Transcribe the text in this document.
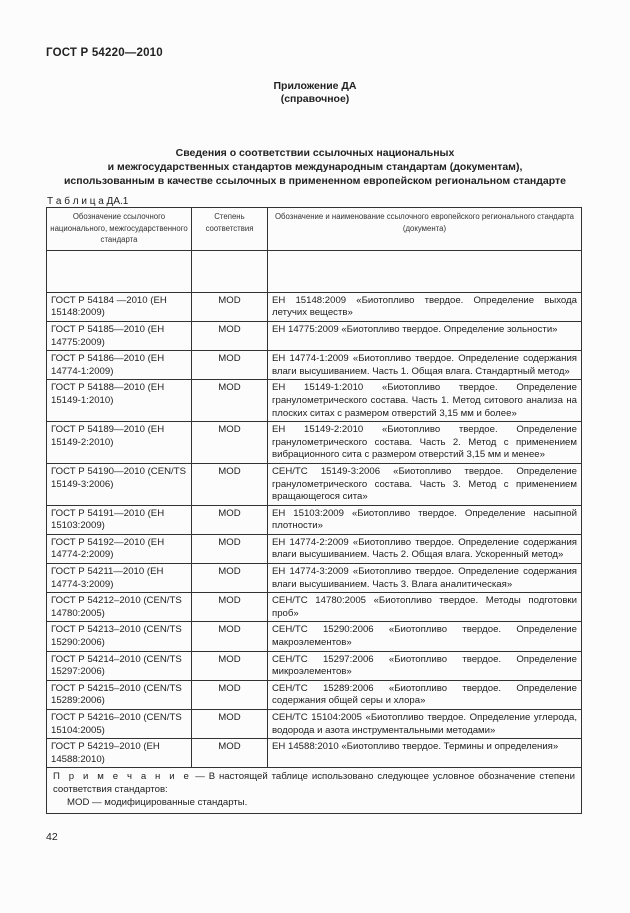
ГОСТ Р 54220—2010
Приложение ДА
(справочное)
Сведения о соответствии ссылочных национальных
и межгосударственных стандартов международным стандартам (документам),
использованным в качестве ссылочных в примененном европейском региональном стандарте
Т а б л и ц а ДА.1
Обозначение ссылочного национального, межгосударственного стандарта	Степень соответствия	Обозначение и наименование ссылочного европейского регионального стандарта (документа)

ГОСТ Р 54184 —2010 (ЕН 15148:2009)	MOD	ЕН 15148:2009 «Биотопливо твердое. Определение выхода летучих веществ»
ГОСТ Р 54185—2010 (ЕН 14775:2009)	MOD	ЕН 14775:2009 «Биотопливо твердое. Определение зольности»
ГОСТ Р 54186—2010 (ЕН 14774-1:2009)	MOD	ЕН 14774-1:2009 «Биотопливо твердое. Определение содержания влаги высушиванием. Часть 1. Общая влага. Стандартный метод»
ГОСТ Р 54188—2010 (ЕН 15149-1:2010)	MOD	ЕН 15149-1:2010 «Биотопливо твердое. Определение гранулометрического состава. Часть 1. Метод ситового анализа на плоских ситах с размером отверстий 3,15 мм и более»
ГОСТ Р 54189—2010 (ЕН 15149-2:2010)	MOD	ЕН 15149-2:2010 «Биотопливо твердое. Определение гранулометрического состава. Часть 2. Метод с применением вибрационного сита с размером отверстий 3,15 мм и менее»
ГОСТ Р 54190—2010 (CEN/TS 15149-3:2006)	MOD	СЕН/ТС 15149-3:2006 «Биотопливо твердое. Определение гранулометрического состава. Часть 3. Метод с применением вращающегося сита»
ГОСТ Р 54191—2010 (ЕН 15103:2009)	MOD	ЕН 15103:2009 «Биотопливо твердое. Определение насыпной плотности»
ГОСТ Р 54192—2010 (ЕН 14774-2:2009)	MOD	ЕН 14774-2:2009 «Биотопливо твердое. Определение содержания влаги высушиванием. Часть 2. Общая влага. Ускоренный метод»
ГОСТ Р 54211—2010 (ЕН 14774-3:2009)	MOD	ЕН 14774-3:2009 «Биотопливо твердое. Определение содержания влаги высушиванием. Часть 3. Влага аналитическая»
ГОСТ Р 54212–2010 (CEN/TS 14780:2005)	MOD	СЕН/ТС 14780:2005 «Биотопливо твердое. Методы подготовки проб»
ГОСТ Р 54213–2010 (CEN/TS 15290:2006)	MOD	СЕН/ТС 15290:2006 «Биотопливо твердое. Определение макроэлементов»
ГОСТ Р 54214–2010 (CEN/TS 15297:2006)	MOD	СЕН/ТС 15297:2006 «Биотопливо твердое. Определение микроэлементов»
ГОСТ Р 54215–2010 (CEN/TS 15289:2006)	MOD	СЕН/ТС 15289:2006 «Биотопливо твердое. Определение содержания общей серы и хлора»
ГОСТ Р 54216–2010 (CEN/TS 15104:2005)	MOD	СЕН/ТС 15104:2005 «Биотопливо твердое. Определение углерода, водорода и азота инструментальными методами»
ГОСТ Р 54219–2010 (ЕН 14588:2010)	MOD	ЕН 14588:2010 «Биотопливо твердое. Термины и определения»
П р и м е ч а н и е — В настоящей таблице использовано следующее условное обозначение степени соответствия стандартов:
MOD — модифицированные стандарты.		
42
